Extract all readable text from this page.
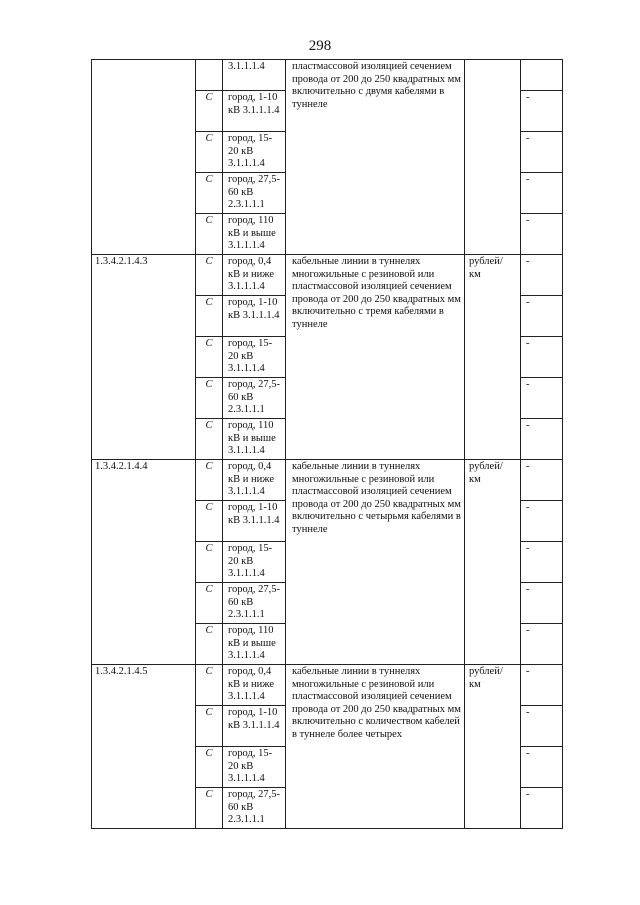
298
		3.1.1.1.4	пластмассовой изоляцией сечением провода от 200 до 250 квадратных мм включительно с двумя кабелями в туннеле		
	С	город, 1-10 кВ 3.1.1.1.4			-
	С	город, 15-20 кВ 3.1.1.1.4			-
	С	город, 27,5-60 кВ 2.3.1.1.1			-
	С	город, 110 кВ и выше 3.1.1.1.4			-
1.3.4.2.1.4.3	С	город, 0,4 кВ и ниже 3.1.1.1.4	кабельные линии в туннелях многожильные с резиновой или пластмассовой изоляцией сечением провода от 200 до 250 квадратных мм включительно с тремя кабелями в туннеле	рублей/ км	-
	С	город, 1-10 кВ 3.1.1.1.4			-
	С	город, 15-20 кВ 3.1.1.1.4			-
	С	город, 27,5-60 кВ 2.3.1.1.1			-
	С	город, 110 кВ и выше 3.1.1.1.4			-
1.3.4.2.1.4.4	С	город, 0,4 кВ и ниже 3.1.1.1.4	кабельные линии в туннелях многожильные с резиновой или пластмассовой изоляцией сечением провода от 200 до 250 квадратных мм включительно с четырьмя кабелями в туннеле	рублей/ км	-
	С	город, 1-10 кВ 3.1.1.1.4			-
	С	город, 15-20 кВ 3.1.1.1.4			-
	С	город, 27,5-60 кВ 2.3.1.1.1			-
	С	город, 110 кВ и выше 3.1.1.1.4			-
1.3.4.2.1.4.5	С	город, 0,4 кВ и ниже 3.1.1.1.4	кабельные линии в туннелях многожильные с резиновой или пластмассовой изоляцией сечением провода от 200 до 250 квадратных мм включительно с количеством кабелей в туннеле более четырех	рублей/ км	-
	С	город, 1-10 кВ 3.1.1.1.4			-
	С	город, 15-20 кВ 3.1.1.1.4			-
	С	город, 27,5-60 кВ 2.3.1.1.1			-
